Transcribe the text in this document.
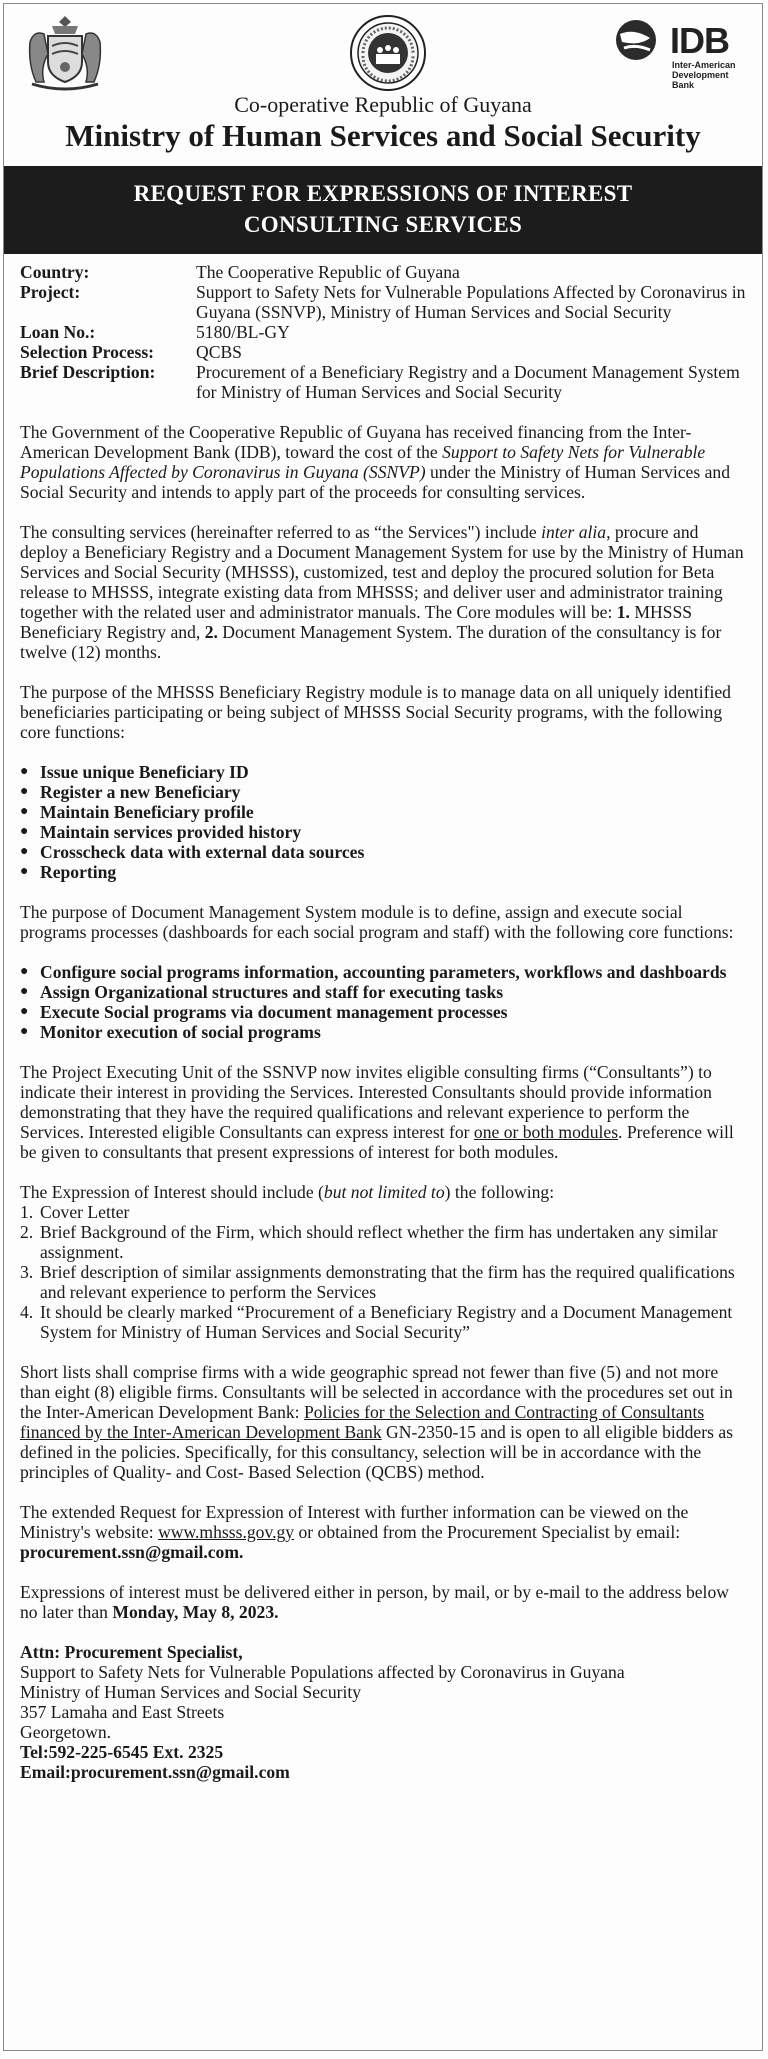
IDB
Inter-American
Development Bank
Co-operative Republic of Guyana
Ministry of Human Services and Social Security
REQUEST FOR EXPRESSIONS OF INTEREST
CONSULTING SERVICES
Country:	The Cooperative Republic of Guyana
Project:	Support to Safety Nets for Vulnerable Populations Affected by Coronavirus in Guyana (SSNVP), Ministry of Human Services and Social Security
Loan No.:	5180/BL-GY
Selection Process:	QCBS
Brief Description:	Procurement of a Beneficiary Registry and a Document Management System for Ministry of Human Services and Social Security

The Government of the Cooperative Republic of Guyana has received financing from the Inter-American Development Bank (IDB), toward the cost of the Support to Safety Nets for Vulnerable Populations Affected by Coronavirus in Guyana (SSNVP) under the Ministry of Human Services and Social Security and intends to apply part of the proceeds for consulting services.

The consulting services (hereinafter referred to as “the Services") include inter alia, procure and deploy a Beneficiary Registry and a Document Management System for use by the Ministry of Human Services and Social Security (MHSSS), customized, test and deploy the procured solution for Beta release to MHSSS, integrate existing data from MHSSS; and deliver user and administrator training together with the related user and administrator manuals. The Core modules will be: 1. MHSSS Beneficiary Registry and, 2. Document Management System. The duration of the consultancy is for twelve (12) months.

The purpose of the MHSSS Beneficiary Registry module is to manage data on all uniquely identified beneficiaries participating or being subject of MHSSS Social Security programs, with the following core functions:

● Issue unique Beneficiary ID
● Register a new Beneficiary
● Maintain Beneficiary profile
● Maintain services provided history
● Crosscheck data with external data sources
● Reporting

The purpose of Document Management System module is to define, assign and execute social programs processes (dashboards for each social program and staff) with the following core functions:

● Configure social programs information, accounting parameters, workflows and dashboards
● Assign Organizational structures and staff for executing tasks
● Execute Social programs via document management processes
● Monitor execution of social programs

The Project Executing Unit of the SSNVP now invites eligible consulting firms (“Consultants”) to indicate their interest in providing the Services. Interested Consultants should provide information demonstrating that they have the required qualifications and relevant experience to perform the Services. Interested eligible Consultants can express interest for one or both modules. Preference will be given to consultants that present expressions of interest for both modules.

The Expression of Interest should include (but not limited to) the following:

1. Cover Letter
2. Brief Background of the Firm, which should reflect whether the firm has undertaken any similar assignment.
3. Brief description of similar assignments demonstrating that the firm has the required qualifications and relevant experience to perform the Services
4. It should be clearly marked “Procurement of a Beneficiary Registry and a Document Management System for Ministry of Human Services and Social Security”

Short lists shall comprise firms with a wide geographic spread not fewer than five (5) and not more than eight (8) eligible firms. Consultants will be selected in accordance with the procedures set out in the Inter-American Development Bank: Policies for the Selection and Contracting of Consultants financed by the Inter-American Development Bank GN-2350-15 and is open to all eligible bidders as defined in the policies. Specifically, for this consultancy, selection will be in accordance with the principles of Quality- and Cost- Based Selection (QCBS) method.

The extended Request for Expression of Interest with further information can be viewed on the Ministry's website: www.mhsss.gov.gy or obtained from the Procurement Specialist by email: procurement.ssn@gmail.com.

Expressions of interest must be delivered either in person, by mail, or by e-mail to the address below no later than Monday, May 8, 2023.

Attn: Procurement Specialist,
Support to Safety Nets for Vulnerable Populations affected by Coronavirus in Guyana
Ministry of Human Services and Social Security
357 Lamaha and East Streets
Georgetown.
Tel:592-225-6545 Ext. 2325
Email:procurement.ssn@gmail.com
